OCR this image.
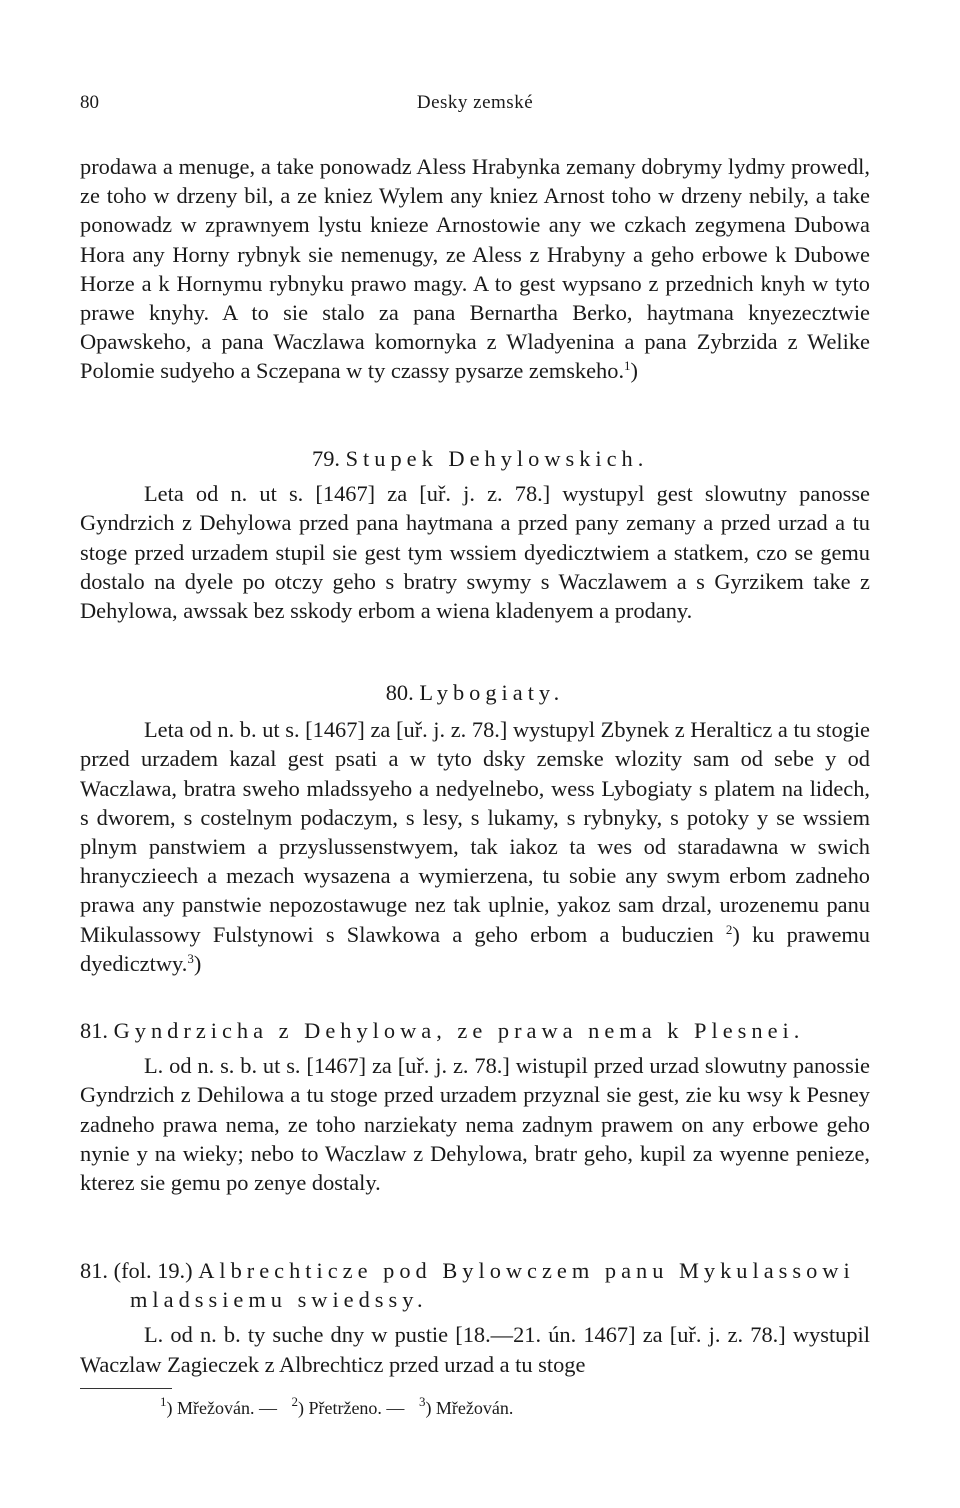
80	Desky zemské

prodawa a menuge, a take ponowadz Aless Hrabynka zemany dobrymy lydmy prowedl, ze toho w drzeny bil, a ze kniez Wylem any kniez Arnost toho w drzeny nebily, a take ponowadz w zprawnyem lystu knieze Arnostowie any we czkach zegymena Dubowa Hora any Horny rybnyk sie nemenugy, ze Aless z Hrabyny a geho erbowe k Dubowe Horze a k Hornymu rybnyku prawo magy. A to gest wypsano z przednich knyh w tyto prawe knyhy. A to sie stalo za pana Bernartha Berko, haytmana knyezecztwie Opawskeho, a pana Waczlawa komornyka z Wladyenina a pana Zybrzida z Welike Polomie sudyeho a Sczepana w ty czassy pysarze zemskeho.$^1$)

79. Stupek Dehylowskich.

Leta od n. ut s. [1467] za [uř. j. z. 78.] wystupyl gest slowutny panosse Gyndrzich z Dehylowa przed pana haytmana a przed pany zemany a przed urzad a tu stoge przed urzadem stupil sie gest tym wssiem dyedicztwiem a statkem, czo se gemu dostalo na dyele po otczy geho s bratry swymy s Waczlawem a s Gyrzikem take z Dehylowa, awssak bez sskody erbom a wiena kladenyem a prodany.

80. Lybogiaty.

Leta od n. b. ut s. [1467] za [uř. j. z. 78.] wystupyl Zbynek z Heralticz a tu stogie przed urzadem kazal gest psati a w tyto dsky zemske wlozity sam od sebe y od Waczlawa, bratra sweho mladssyeho a nedyelnebo, wess Lybogiaty s platem na lidech, s dworem, s costelnym podaczym, s lesy, s lukamy, s rybnyky, s potoky y se wssiem plnym panstwiem a przyslussenstwyem, tak iakoz ta wes od staradawna w swich hranyczieech a mezach wysazena a wymierzena, tu sobie any swym erbom zadneho prawa any panstwie nepozostawuge nez tak uplnie, yakoz sam drzal, urozenemu panu Mikulassowy Fulstynowi s Slawkowa a geho erbom a buduczien $^2$) ku prawemu dyedicztwy.$^3$)

81. Gyndrzicha z Dehylowa, ze prawa nema k Plesnei.

L. od n. s. b. ut s. [1467] za [uř. j. z. 78.] wistupil przed urzad slowutny panossie Gyndrzich z Dehilowa a tu stoge przed urzadem przyznal sie gest, zie ku wsy k Pesney zadneho prawa nema, ze toho narziekaty nema zadnym prawem on any erbowe geho nynie y na wieky; nebo to Waczlaw z Dehylowa, bratr geho, kupil za wyenne penieze, kterez sie gemu po zenye dostaly.

81. (fol. 19.) Albrechticze pod Bylowczem panu Mykulassowi mladssiemu swiedssy.

L. od n. b. ty suche dny w pustie [18.—21. ún. 1467] za [uř. j. z. 78.] wystupil Waczlaw Zagieczek z Albrechticz przed urzad a tu stoge

$^1$) Mřežován. — $^2$) Přetrženo. — $^3$) Mřežován.
